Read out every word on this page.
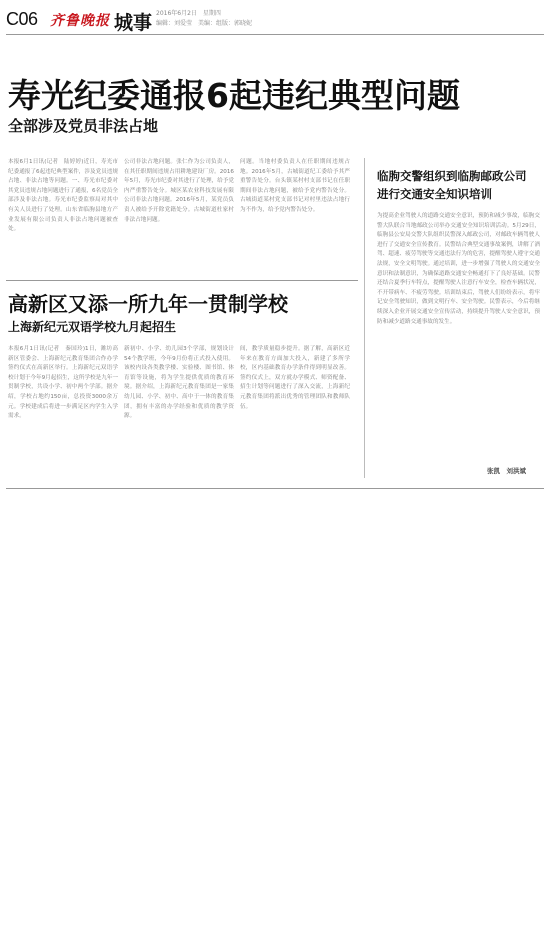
C06 齐鲁晚报 城事 2016年6月2日　星期四
编辑：刘爱莹　美编：组版：郭晓妮
寿光纪委通报6起违纪典型问题
全部涉及党员非法占地
本报6月1日讯(记者　陆婷婷)近日，寿光市纪委通报了6起违纪典型案件，涉及党员违规占地、非法占地等问题。一、寿光市纪委对其党员违规占地问题进行了通报，6名党员全部涉及非法占地。寿光市纪委监察局对其中有关人员进行了处理。山东省临朐县地方产业发展有限公司负责人非法占地问题被查处。
公司非法占地问题。张仁作为公司负责人，在其任职期间违规占用耕地建设厂房。2016年5月，寿光市纪委对其进行了处理，给予党内严重警告处分。城区某农业科技发展有限公司非法占地问题。2016年5月，某党员负责人被给予开除党籍处分。古城街道杜家村非法占地问题。
问题。当地村委负责人在任职期间违规占地。2016年5月，古城街道纪工委给予其严重警告处分。台头镇某村村支部书记在任职期间非法占地问题，被给予党内警告处分。古城街道某村党支部书记对村里违法占地行为不作为，给予党内警告处分。
临朐交警组织到临朐邮政公司
进行交通安全知识培训
为提高企业驾驶人的道路交通安全意识，预防和减少事故，临朐交警大队联合当地邮政公司举办交通安全知识培训活动。5月29日，临朐县公安局交警大队组织民警深入邮政公司，对邮政车辆驾驶人进行了交通安全宣传教育。民警结合典型交通事故案例，讲解了酒驾、超速、疲劳驾驶等交通违法行为的危害，提醒驾驶人遵守交通法规，安全文明驾驶。通过培训，进一步增强了驾驶人的交通安全意识和法制意识，为确保道路交通安全畅通打下了良好基础。民警还结合夏季行车特点，提醒驾驶人注意行车安全，检查车辆状况，不开带病车、不疲劳驾驶。培训结束后，驾驶人们纷纷表示，将牢记安全驾驶知识，做到文明行车、安全驾驶。民警表示，今后将继续深入企业开展交通安全宣传活动，持续提升驾驶人安全意识，预防和减少道路交通事故的发生。
张凯　刘洪斌
高新区又添一所九年一贯制学校
上海新纪元双语学校九月起招生
本报6月1日讯(记者　秦国玲)1日，潍坊高新区管委会、上海新纪元教育集团合作办学签约仪式在高新区举行。上海新纪元双语学校计划于今年9月起招生，这所学校是九年一贯制学校，共设小学、初中两个学部。据介绍，学校占地约150亩，总投资3000余万元。学校建成后将进一步满足区内学生入学需求。
新初中、小学、幼儿园3个学部，规划设计54个教学班，今年9月份将正式投入使用。该校内设各类教学楼、实验楼、图书馆、体育馆等设施，将为学生提供优质的教育环境。据介绍，上海新纪元教育集团是一家集幼儿园、小学、初中、高中于一体的教育集团，拥有丰富的办学经验和优质的教学资源。
间，教学质量稳步提升。据了解，高新区近年来在教育方面加大投入，新建了多所学校，区内基础教育办学条件得到明显改善。签约仪式上，双方就办学模式、师资配备、招生计划等问题进行了深入交流，上海新纪元教育集团将派出优秀的管理团队和教师队伍。
